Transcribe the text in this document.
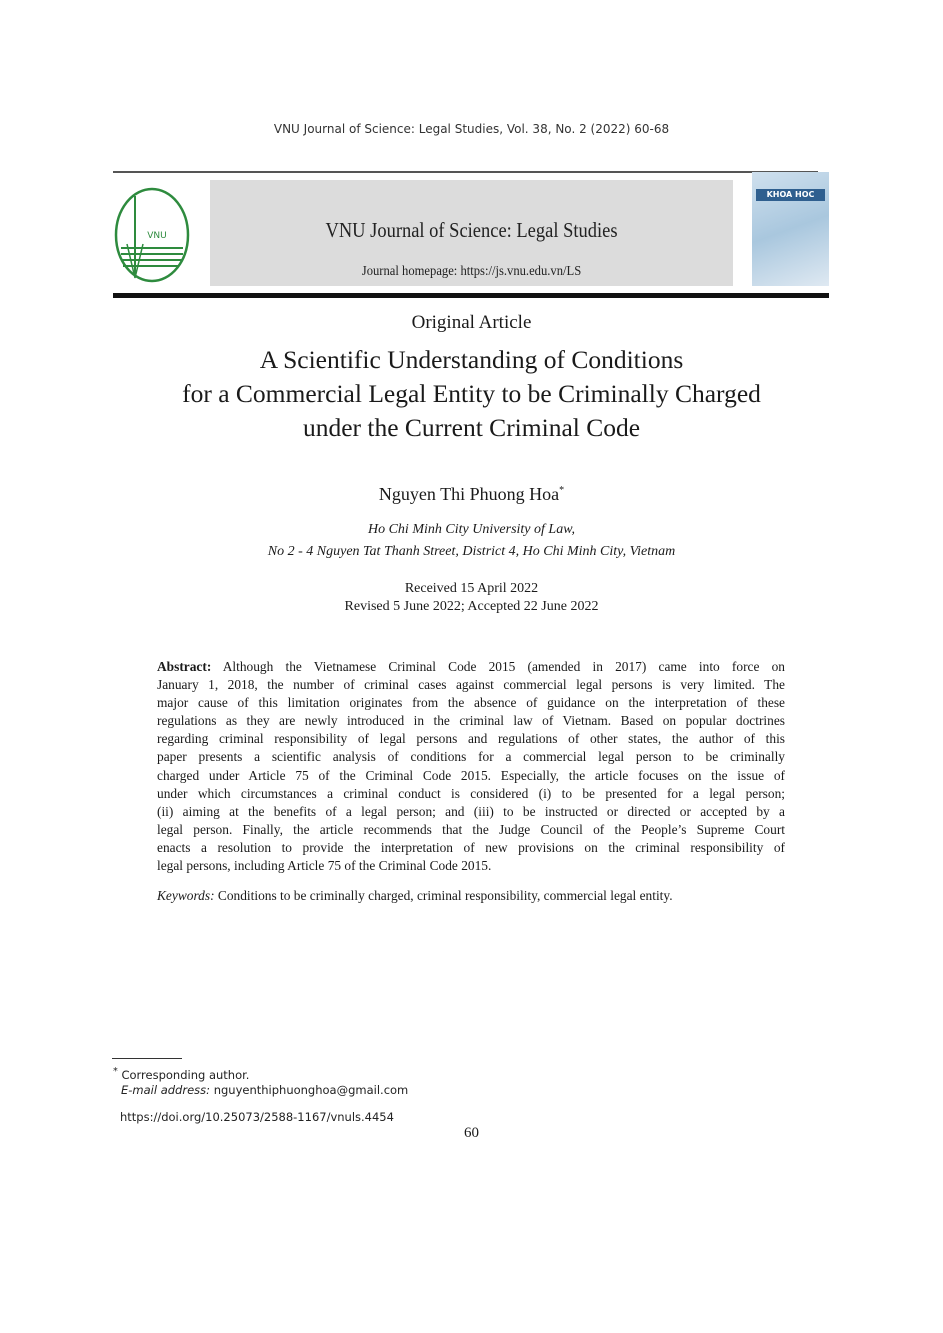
VNU Journal of Science: Legal Studies, Vol. 38, No. 2 (2022) 60-68
VNU	VNU Journal of Science: Legal Studies
Journal homepage: https://js.vnu.edu.vn/LS
KHOA HOC
Original Article
A Scientific Understanding of Conditions
for a Commercial Legal Entity to be Criminally Charged
under the Current Criminal Code
Nguyen Thi Phuong Hoa*
Ho Chi Minh City University of Law,
No 2 - 4 Nguyen Tat Thanh Street, District 4, Ho Chi Minh City, Vietnam
Received 15 April 2022
Revised 5 June 2022; Accepted 22 June 2022
Abstract: Although the Vietnamese Criminal Code 2015 (amended in 2017) came into force on
January 1, 2018, the number of criminal cases against commercial legal persons is very limited. The
major cause of this limitation originates from the absence of guidance on the interpretation of these
regulations as they are newly introduced in the criminal law of Vietnam. Based on popular doctrines
regarding criminal responsibility of legal persons and regulations of other states, the author of this
paper presents a scientific analysis of conditions for a commercial legal person to be criminally
charged under Article 75 of the Criminal Code 2015. Especially, the article focuses on the issue of
under which circumstances a criminal conduct is considered (i) to be presented for a legal person;
(ii) aiming at the benefits of a legal person; and (iii) to be instructed or directed or accepted by a
legal person. Finally, the article recommends that the Judge Council of the People’s Supreme Court
enacts a resolution to provide the interpretation of new provisions on the criminal responsibility of
legal persons, including Article 75 of the Criminal Code 2015.
Keywords: Conditions to be criminally charged, criminal responsibility, commercial legal entity.
* Corresponding author.
E-mail address: nguyenthiphuonghoa@gmail.com
https://doi.org/10.25073/2588-1167/vnuls.4454
60
